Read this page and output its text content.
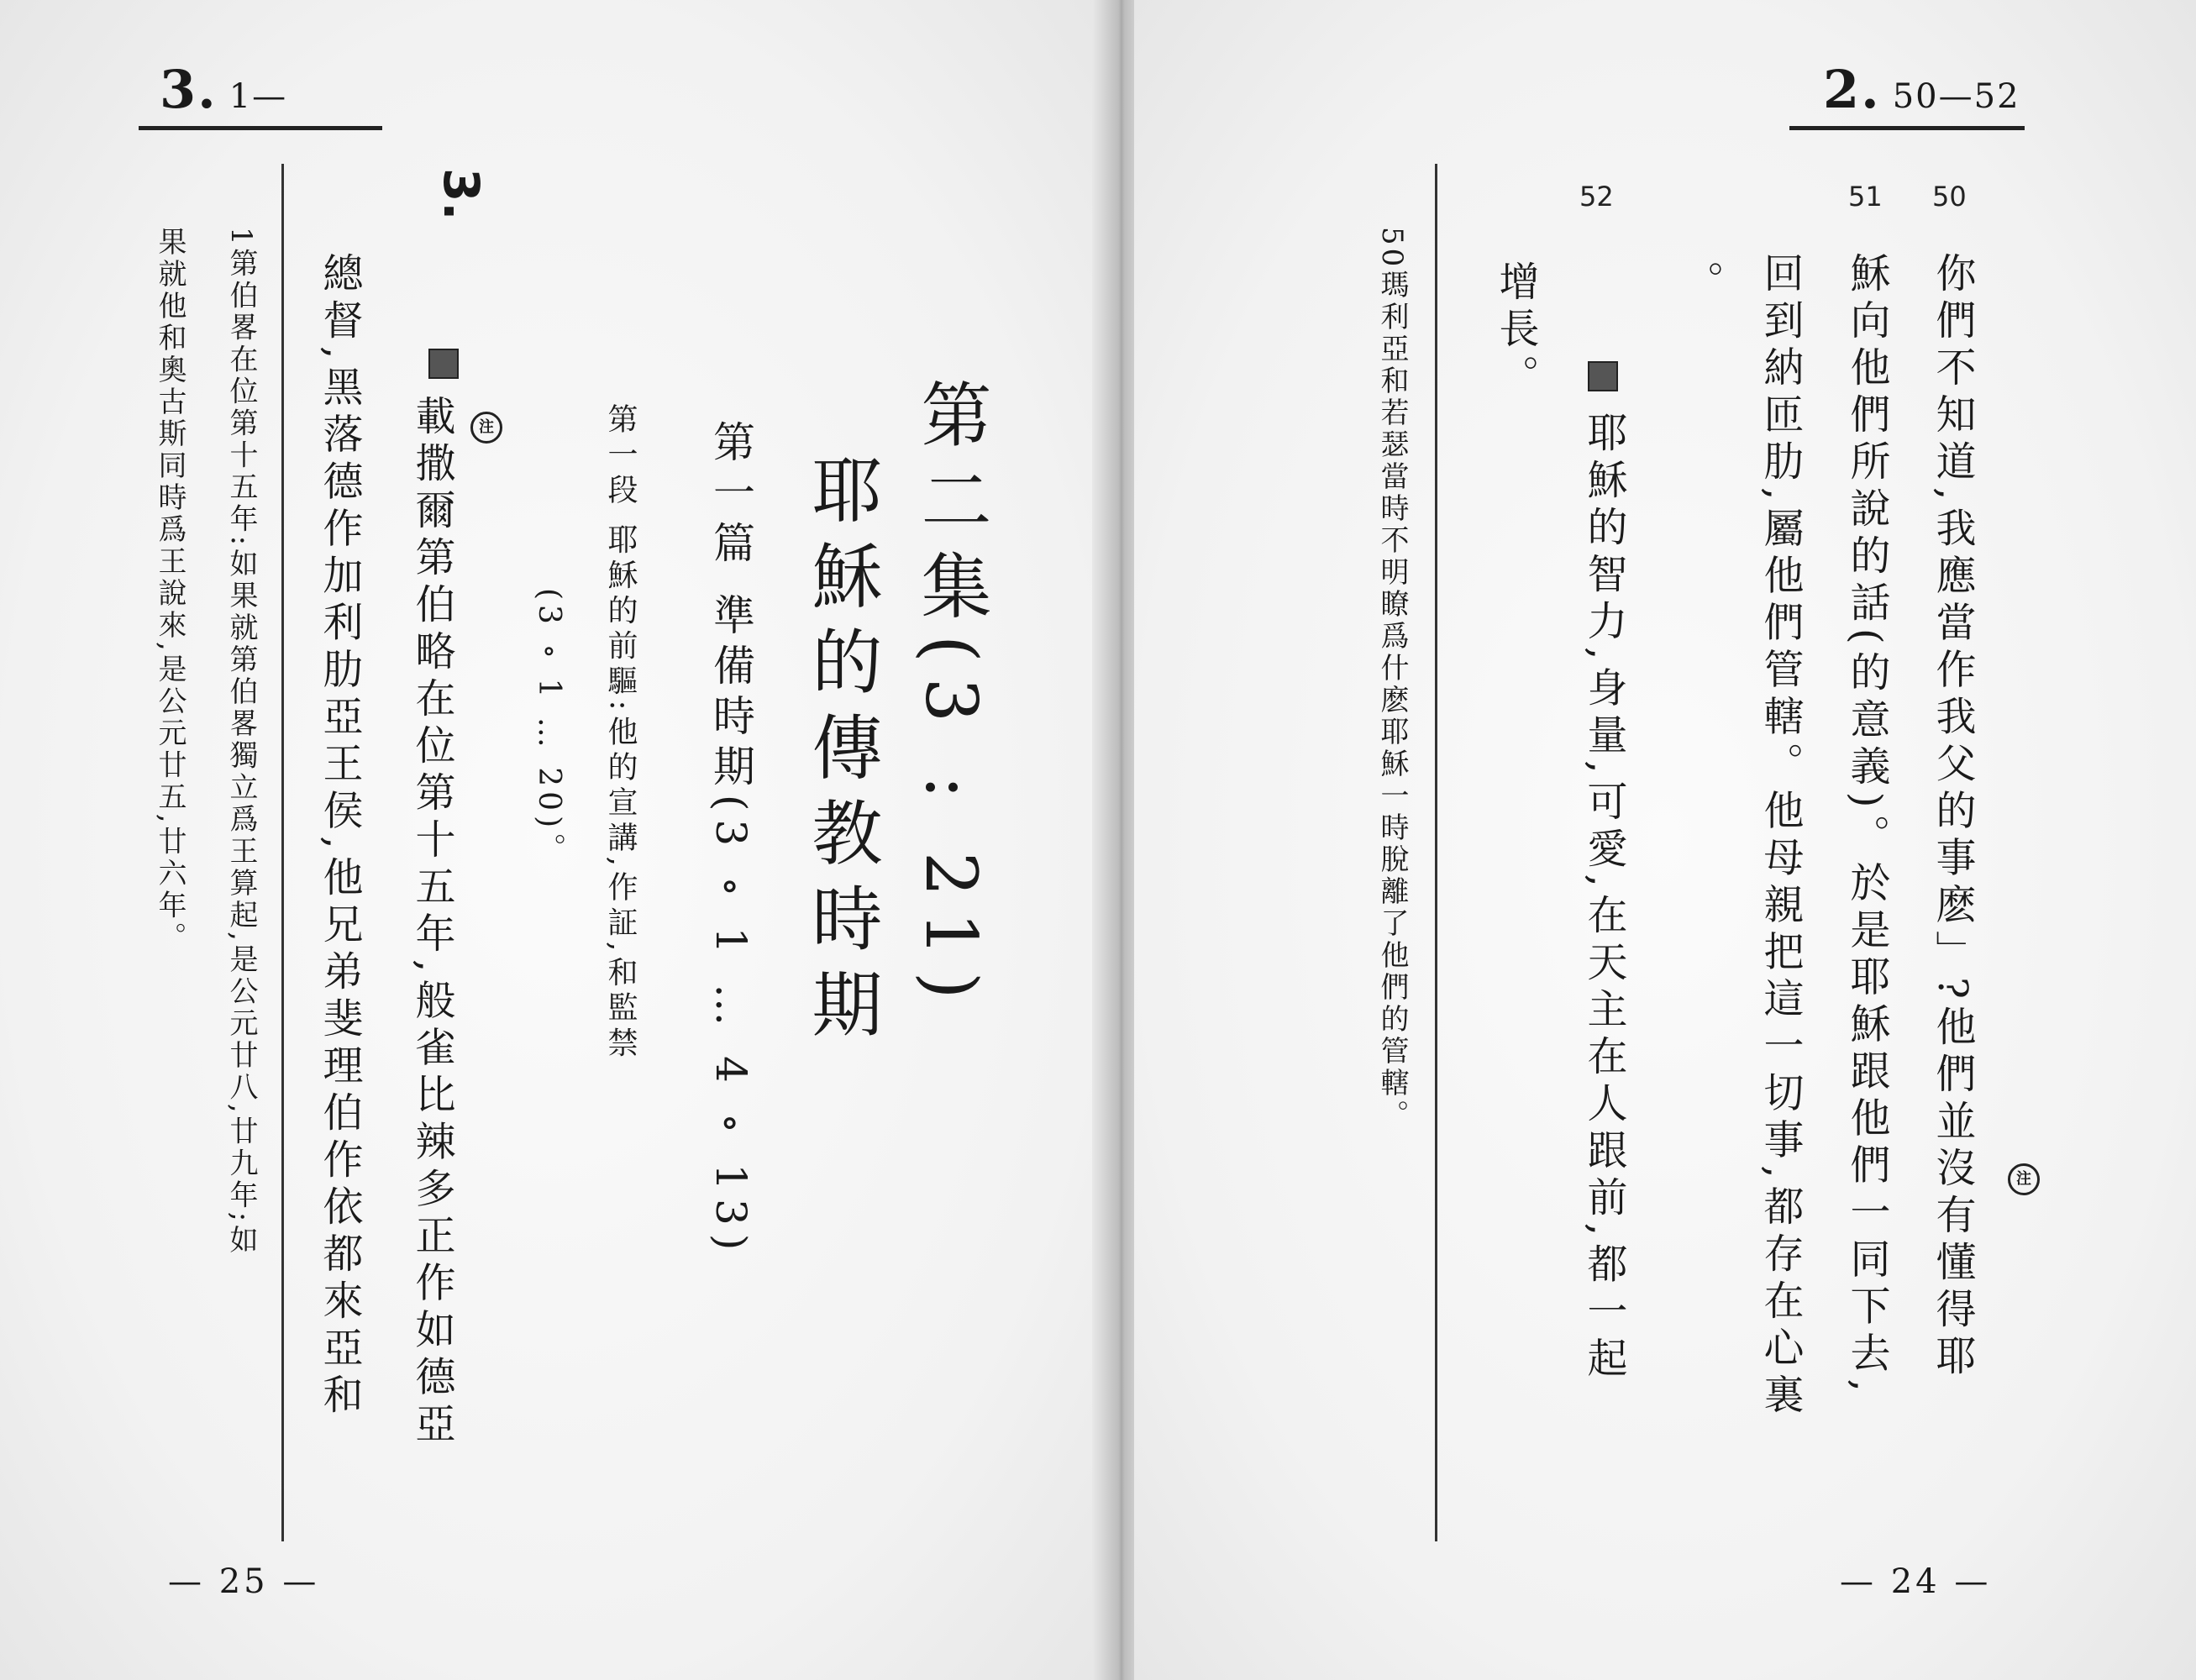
3. 1—
3.
第二集(3 : 21)
耶穌的傳教時期
第一篇 準備時期(3 ∘ 1 … 4 ∘ 13)
第一段 耶穌的前驅:他的宣講,作証,和監禁
(3 ∘ 1 … 20)。
注
載撒爾第伯略在位第十五年,般雀比辣多正作如德亞
總督,黑落德作加利肋亞王侯,他兄弟斐理伯作依都來亞和
1第伯畧在位第十五年:如果就第伯畧獨立爲王算起,是公元廿八,廿九年;如
果就他和奧古斯同時爲王說來,是公元廿五,廿六年。
— 25 —
2. 50—52
50
51
52
注
你們不知道,我應當作我父的事麽」?他們並沒有懂得耶
穌向他們所說的話(的意義)。於是耶穌跟他們一同下去,
回到納匝肋,屬他們管轄。他母親把這一切事,都存在心裏
。
耶穌的智力,身量,可愛,在天主在人跟前,都一起
增長。
50瑪利亞和若瑟當時不明瞭爲什麽耶穌一時脫離了他們的管轄。
— 24 —
